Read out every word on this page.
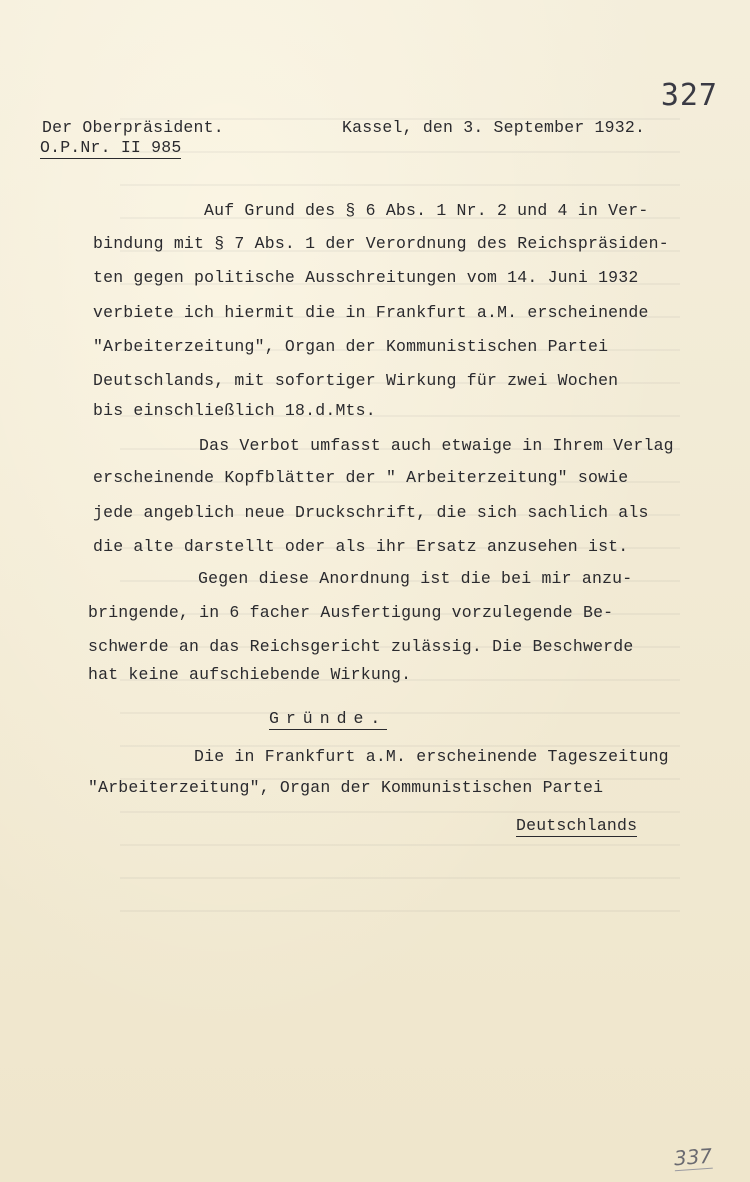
327
Der Oberpräsident.	Kassel, den 3. September 1932.
O.P.Nr. II 985
Auf Grund des § 6 Abs. 1 Nr. 2 und 4 in Ver-
bindung mit § 7 Abs. 1 der Verordnung des Reichspräsiden-
ten gegen politische Ausschreitungen vom 14. Juni 1932
verbiete ich hiermit die in Frankfurt a.M. erscheinende
"Arbeiterzeitung", Organ der Kommunistischen Partei
Deutschlands, mit sofortiger Wirkung für zwei Wochen
bis einschließlich 18.d.Mts.
Das Verbot umfasst auch etwaige in Ihrem Verlag
erscheinende Kopfblätter der " Arbeiterzeitung" sowie
jede angeblich neue Druckschrift, die sich sachlich als
die alte darstellt oder als ihr Ersatz anzusehen ist.
Gegen diese Anordnung ist die bei mir anzu-
bringende, in 6 facher Ausfertigung vorzulegende Be-
schwerde an das Reichsgericht zulässig. Die Beschwerde
hat keine aufschiebende Wirkung.
Gründe.
Die in Frankfurt a.M. erscheinende Tageszeitung
"Arbeiterzeitung", Organ der Kommunistischen Partei
Deutschlands
337
